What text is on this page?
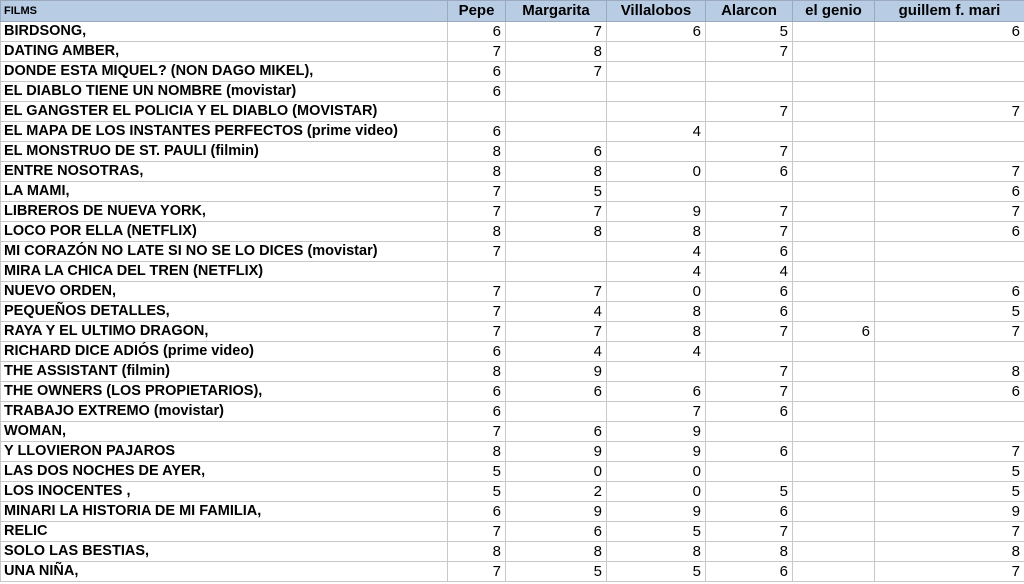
FILMS	Pepe	Margarita	Villalobos	Alarcon	el genio	guillem f. mari
BIRDSONG,	6	7	6	5		6
DATING AMBER,	7	8		7		
DONDE ESTA MIQUEL? (NON DAGO MIKEL),	6	7				
EL DIABLO TIENE UN NOMBRE (movistar)	6					
EL GANGSTER EL POLICIA Y EL DIABLO (MOVISTAR)				7		7
EL MAPA DE LOS INSTANTES PERFECTOS (prime video)	6		4			
EL MONSTRUO DE ST. PAULI (filmin)	8	6		7		
ENTRE NOSOTRAS,	8	8	0	6		7
LA MAMI,	7	5				6
LIBREROS DE NUEVA YORK,	7	7	9	7		7
LOCO POR ELLA (NETFLIX)	8	8	8	7		6
MI CORAZÓN NO LATE SI NO SE LO DICES (movistar)	7		4	6		
MIRA LA CHICA DEL TREN (NETFLIX)			4	4		
NUEVO ORDEN,	7	7	0	6		6
PEQUEÑOS DETALLES,	7	4	8	6		5
RAYA Y EL ULTIMO DRAGON,	7	7	8	7	6	7
RICHARD DICE ADIÓS (prime video)	6	4	4			
THE ASSISTANT (filmin)	8	9		7		8
THE OWNERS (LOS PROPIETARIOS),	6	6	6	7		6
TRABAJO EXTREMO (movistar)	6		7	6		
WOMAN,	7	6	9			
Y LLOVIERON PAJAROS	8	9	9	6		7
LAS DOS NOCHES DE AYER,	5	0	0			5
LOS INOCENTES ,	5	2	0	5		5
MINARI LA HISTORIA DE MI FAMILIA,	6	9	9	6		9
RELIC	7	6	5	7		7
SOLO LAS BESTIAS,	8	8	8	8		8
UNA NIÑA,	7	5	5	6		7
